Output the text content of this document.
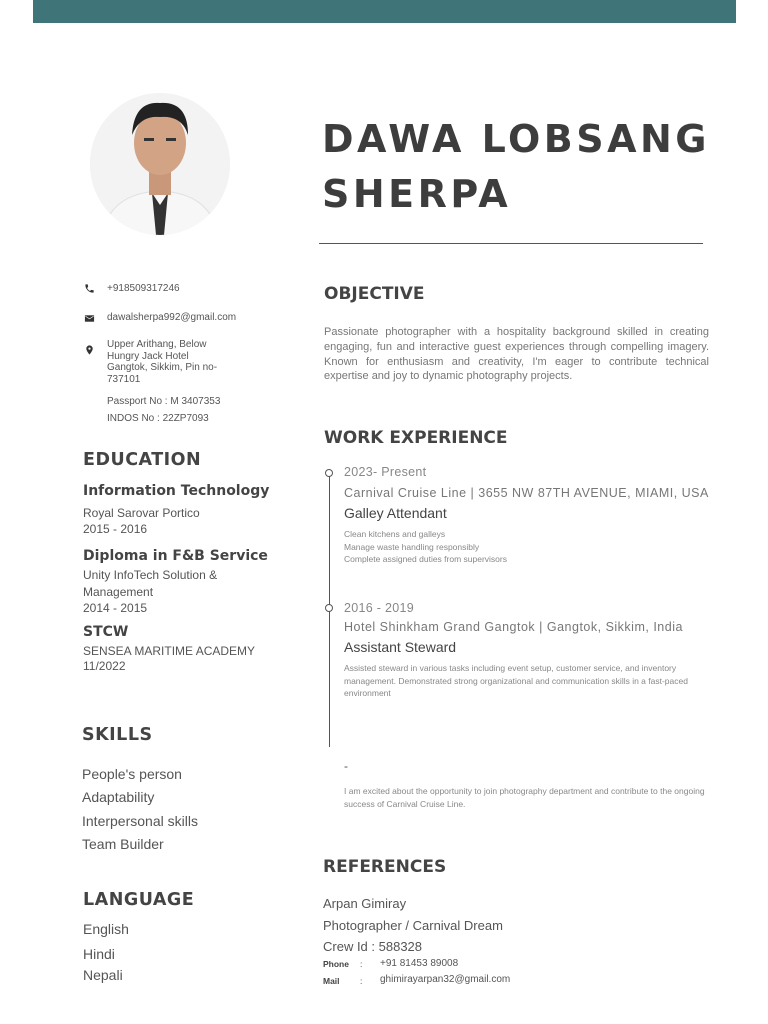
DAWA LOBSANG
SHERPA
+918509317246
dawalsherpa992@gmail.com
Upper Arithang, Below
Hungry Jack Hotel
Gangtok, Sikkim, Pin no-
737101
Passport No : M 3407353
INDOS No : 22ZP7093
EDUCATION
Information Technology
Royal Sarovar Portico
2015 - 2016
Diploma in F&B Service
Unity InfoTech Solution &
Management
2014 - 2015
STCW
SENSEA MARITIME ACADEMY
11/2022
SKILLS
People's person
Adaptability
Interpersonal skills
Team Builder
LANGUAGE
English
Hindi
Nepali
OBJECTIVE
Passionate photographer with a hospitality background skilled in creating engaging, fun and interactive guest experiences through compelling imagery. Known for enthusiasm and creativity, I'm eager to contribute technical expertise and joy to dynamic photography projects.
WORK EXPERIENCE
2023- Present
Carnival Cruise Line | 3655 NW 87TH AVENUE, MIAMI, USA
Galley Attendant
Clean kitchens and galleys
Manage waste handling responsibly
Complete assigned duties from supervisors
2016 - 2019
Hotel Shinkham Grand Gangtok | Gangtok, Sikkim, India
Assistant Steward
Assisted steward in various tasks including event setup, customer service, and inventory management. Demonstrated strong organizational and communication skills in a fast-paced environment
-
I am excited about the opportunity to join photography department and contribute to the ongoing success of Carnival Cruise Line.
REFERENCES
Arpan Gimiray
Photographer / Carnival Dream
Crew Id : 588328
Phone : +91 81453 89008
Mail : ghimirayarpan32@gmail.com
